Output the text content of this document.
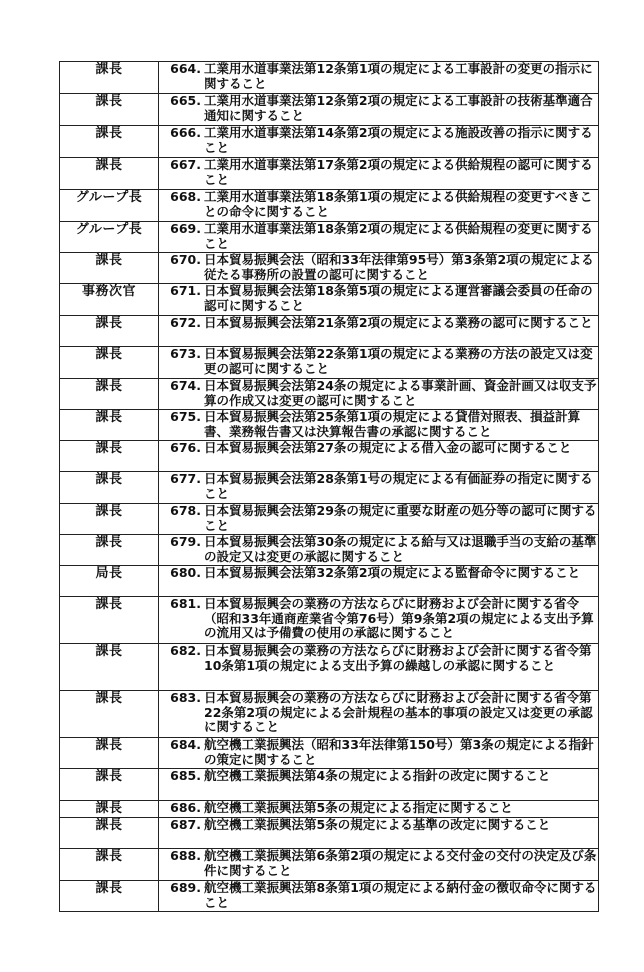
課長	664. 工業用水道事業法第12条第1項の規定による工事設計の変更の指示に関すること

課長	665. 工業用水道事業法第12条第2項の規定による工事設計の技術基準適合通知に関すること

課長	666. 工業用水道事業法第14条第2項の規定による施設改善の指示に関すること

課長	667. 工業用水道事業法第17条第2項の規定による供給規程の認可に関すること

グループ長	668. 工業用水道事業法第18条第1項の規定による供給規程の変更すべきことの命令に関すること

グループ長	669. 工業用水道事業法第18条第2項の規定による供給規程の変更に関すること

課長	670. 日本貿易振興会法（昭和33年法律第95号）第3条第2項の規定による従たる事務所の設置の認可に関すること

事務次官	671. 日本貿易振興会法第18条第5項の規定による運営審議会委員の任命の認可に関すること

課長	672. 日本貿易振興会法第21条第2項の規定による業務の認可に関すること

課長	673. 日本貿易振興会法第22条第1項の規定による業務の方法の設定又は変更の認可に関すること

課長	674. 日本貿易振興会法第24条の規定による事業計画、資金計画又は収支予算の作成又は変更の認可に関すること

課長	675. 日本貿易振興会法第25条第1項の規定による貸借対照表、損益計算書、業務報告書又は決算報告書の承認に関すること

課長	676. 日本貿易振興会法第27条の規定による借入金の認可に関すること

課長	677. 日本貿易振興会法第28条第1号の規定による有価証券の指定に関すること

課長	678. 日本貿易振興会法第29条の規定に重要な財産の処分等の認可に関すること

課長	679. 日本貿易振興会法第30条の規定による給与又は退職手当の支給の基準の設定又は変更の承認に関すること

局長	680. 日本貿易振興会法第32条第2項の規定による監督命令に関すること

課長	681. 日本貿易振興会の業務の方法ならびに財務および会計に関する省令（昭和33年通商産業省令第76号）第9条第2項の規定による支出予算の流用又は予備費の使用の承認に関すること

課長	682. 日本貿易振興会の業務の方法ならびに財務および会計に関する省令第10条第1項の規定による支出予算の繰越しの承認に関すること

課長	683. 日本貿易振興会の業務の方法ならびに財務および会計に関する省令第22条第2項の規定による会計規程の基本的事項の設定又は変更の承認に関すること

課長	684. 航空機工業振興法（昭和33年法律第150号）第3条の規定による指針の策定に関すること

課長	685. 航空機工業振興法第4条の規定による指針の改定に関すること

課長	686. 航空機工業振興法第5条の規定による指定に関すること

課長	687. 航空機工業振興法第5条の規定による基準の改定に関すること

課長	688. 航空機工業振興法第6条第2項の規定による交付金の交付の決定及び条件に関すること

課長	689. 航空機工業振興法第8条第1項の規定による納付金の徴収命令に関すること
